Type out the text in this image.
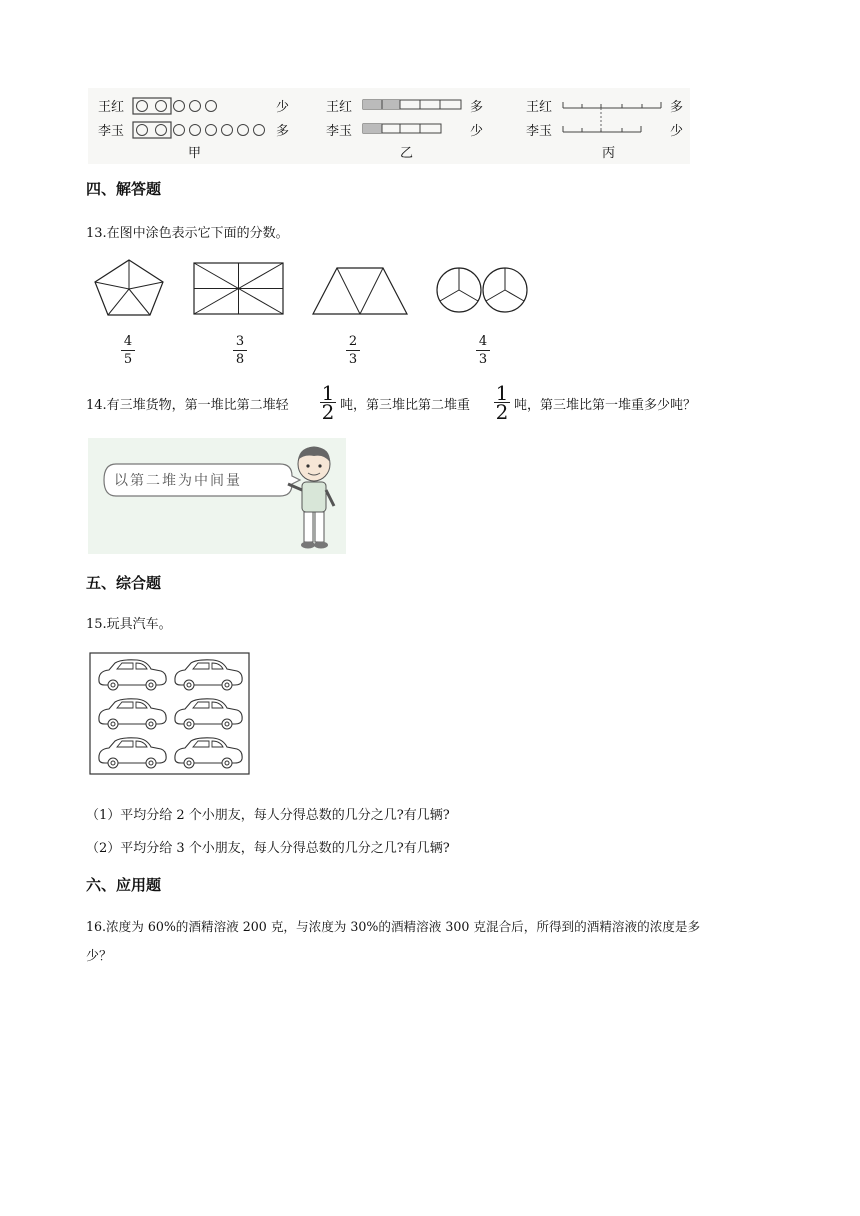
王红
李玉
少
多
甲
王红
李玉
多
少
乙
王红
李玉
多
少
丙
四、解答题
13.在图中涂色表示它下面的分数。
4
5
3
8
2
3
4
3
14.有三堆货物，第一堆比第二堆轻
1
2 吨，第三堆比第二堆重
1
2 吨，第三堆比第一堆重多少吨？
以第二堆为中间量
五、综合题
15.玩具汽车。
（1）平均分给 2 个小朋友，每人分得总数的几分之几?有几辆?
（2）平均分给 3 个小朋友，每人分得总数的几分之几?有几辆?
六、应用题
16.浓度为 60%的酒精溶液 200 克，与浓度为 30%的酒精溶液 300 克混合后，所得到的酒精溶液的浓度是多
少？
